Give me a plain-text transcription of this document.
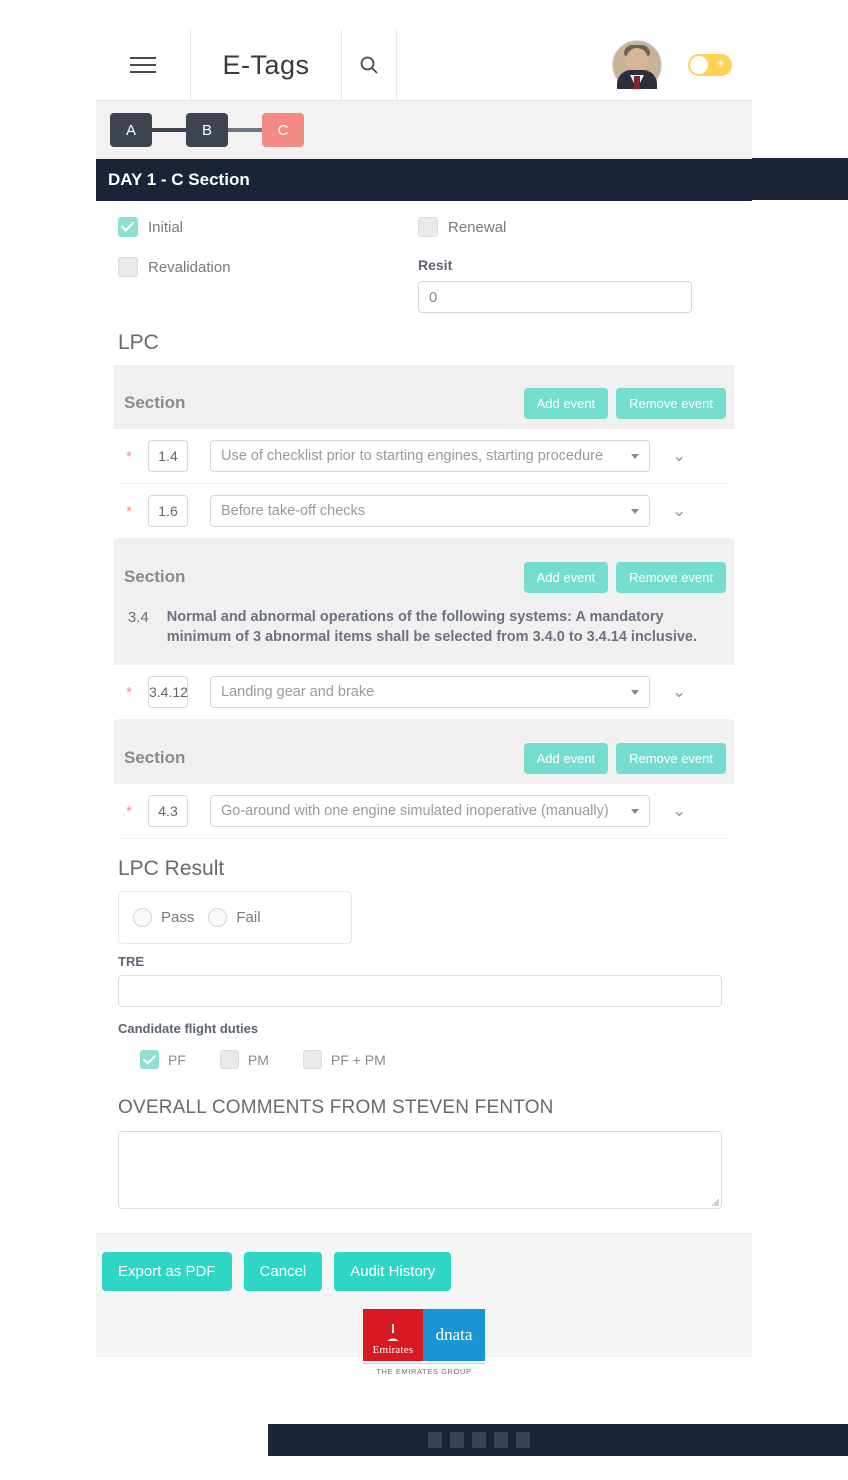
E-Tags	☀
A	B	C
DAY 1 - C Section
Initial
Revalidation
Renewal
Resit
0
LPC
Section	Add event	Remove event
*	1.4	Use of checklist prior to starting engines, starting procedure	⌄
*	1.6	Before take-off checks	⌄
Section	Add event	Remove event
3.4 Normal and abnormal operations of the following systems: A mandatory minimum of 3 abnormal items shall be selected from 3.4.0 to 3.4.14 inclusive.
* 3.4.12 Landing gear and brake	⌄
Section	Add event	Remove event
*	4.3	Go-around with one engine simulated inoperative (manually)	⌄
LPC Result
Pass	Fail
TRE
Candidate flight duties
PF	PM	PF + PM
OVERALL COMMENTS FROM STEVEN FENTON
Export as PDF	Cancel	Audit History
Emirates
dnata
THE EMIRATES GROUP
